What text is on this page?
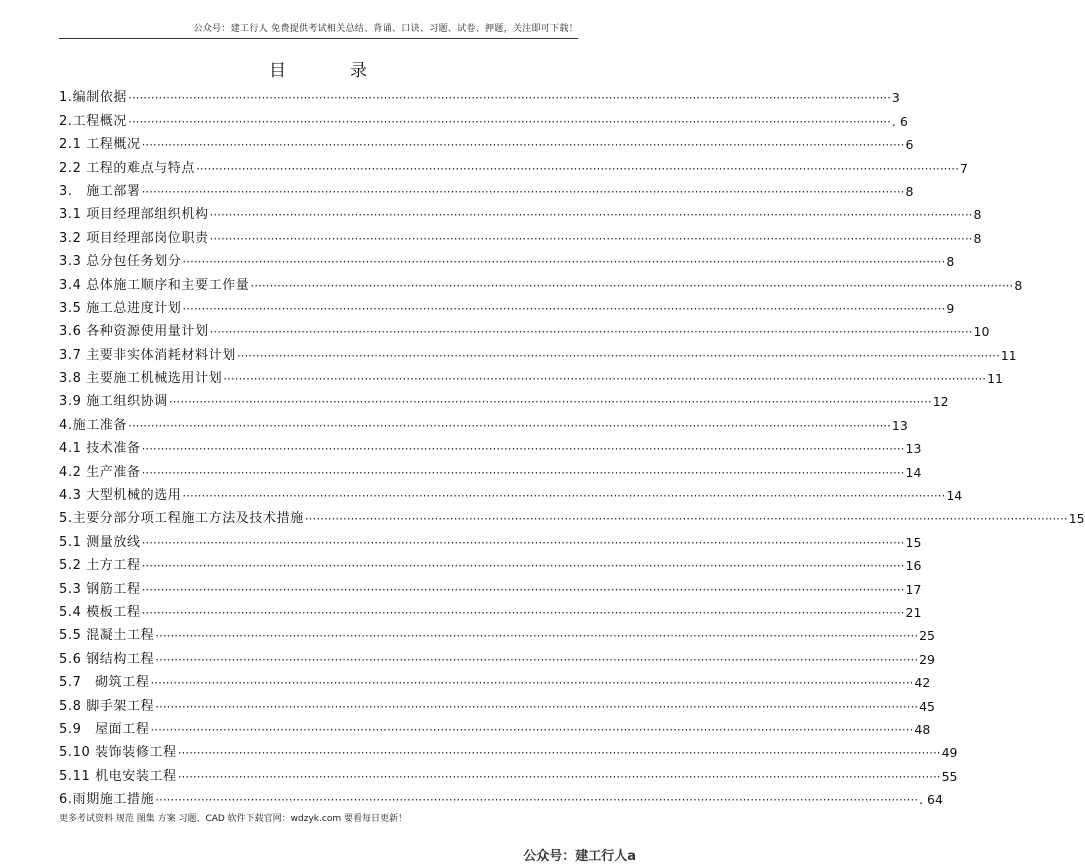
公众号：建工行人 免费提供考试相关总结、背诵、口诀、习题、试卷、押题，关注即可下载！
目	录
1.编制依据 ········································································································································································································ 3
2.工程概况 ········································································································································································································ . 6
2.1 工程概况 ········································································································································································································ 6
2.2 工程的难点与特点 ········································································································································································································ 7
3.　施工部署 ········································································································································································································ 8
3.1 项目经理部组织机构 ········································································································································································································ 8
3.2 项目经理部岗位职责 ········································································································································································································ 8
3.3 总分包任务划分 ········································································································································································································ 8
3.4 总体施工顺序和主要工作量 ········································································································································································································ 8
3.5 施工总进度计划 ········································································································································································································ 9
3.6 各种资源使用量计划 ········································································································································································································ 10
3.7 主要非实体消耗材料计划 ········································································································································································································ 11
3.8 主要施工机械选用计划 ········································································································································································································ 11
3.9 施工组织协调 ········································································································································································································ 12
4.施工准备 ········································································································································································································ 13
4.1 技术准备 ········································································································································································································ 13
4.2 生产准备 ········································································································································································································ 14
4.3 大型机械的选用 ········································································································································································································ 14
5.主要分部分项工程施工方法及技术措施 ········································································································································································································ 15
5.1 测量放线 ········································································································································································································ 15
5.2 土方工程 ········································································································································································································ 16
5.3 钢筋工程 ········································································································································································································ 17
5.4 模板工程 ········································································································································································································ 21
5.5 混凝土工程 ········································································································································································································ 25
5.6 钢结构工程 ········································································································································································································ 29
5.7　砌筑工程 ········································································································································································································ 42
5.8 脚手架工程 ········································································································································································································ 45
5.9　屋面工程 ········································································································································································································ 48
5.10 装饰装修工程 ········································································································································································································ 49
5.11 机电安装工程 ········································································································································································································ 55
6.雨期施工措施 ········································································································································································································ . 64
更多考试资料 规范 图集 方案 习题、CAD 软件下载官网：wdzyk.com 要看每日更新！
公众号：建工行人a
